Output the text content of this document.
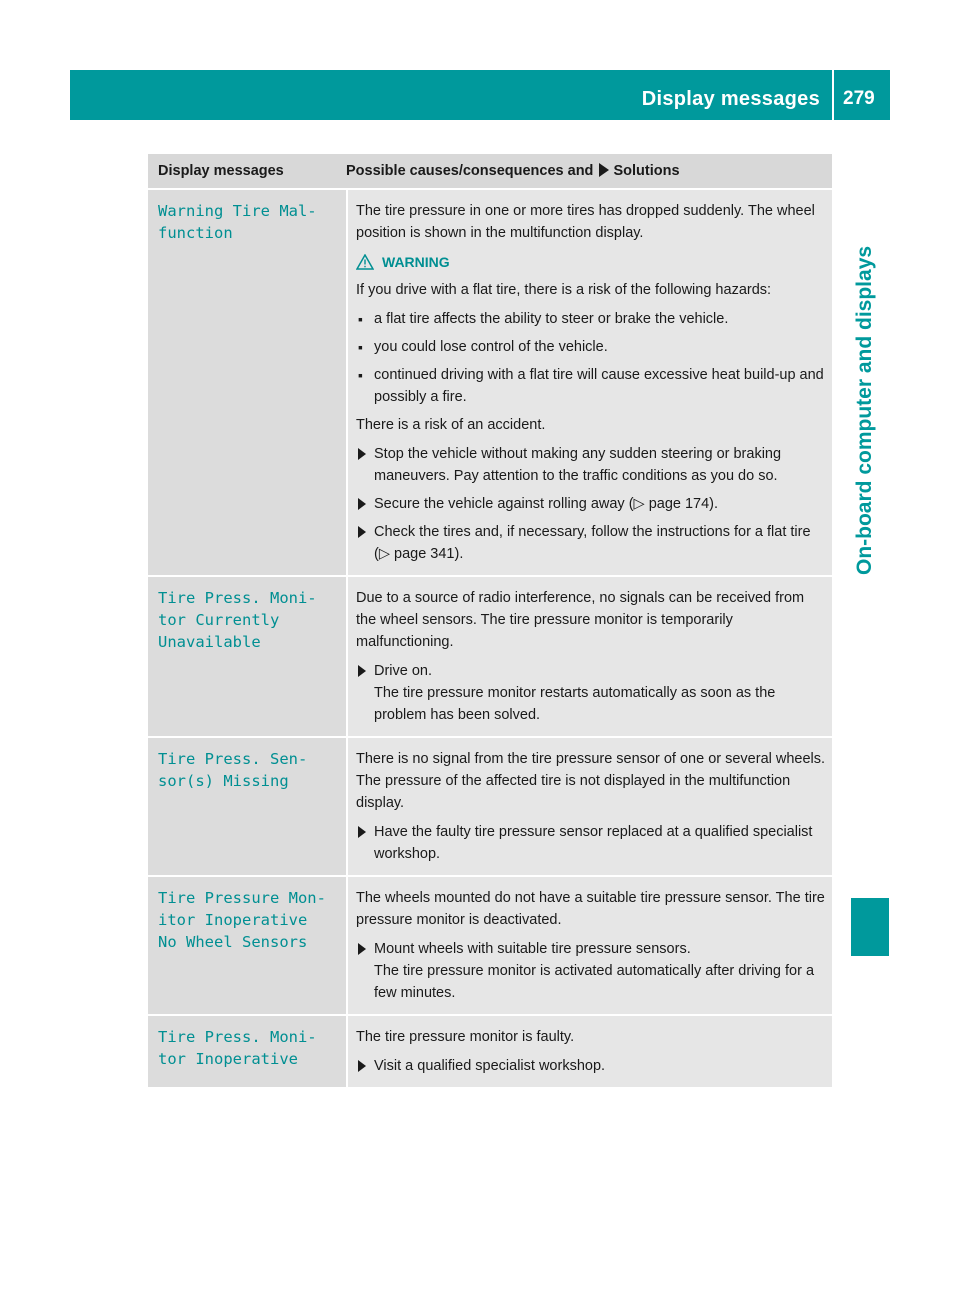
Display messages 279
On-board computer and displays
Display messages	Possible causes/consequences and Solutions
Warning Tire Mal‐
function

The tire pressure in one or more tires has dropped suddenly. The wheel position is shown in the multifunction display.

WARNING

If you drive with a flat tire, there is a risk of the following hazards:

▪ a flat tire affects the ability to steer or brake the vehicle.
▪ you could lose control of the vehicle.
▪ continued driving with a flat tire will cause excessive heat build-up and possibly a fire.

There is a risk of an accident.

Stop the vehicle without making any sudden steering or braking maneuvers. Pay attention to the traffic conditions as you do so.
Secure the vehicle against rolling away (▷ page 174).
Check the tires and, if necessary, follow the instructions for a flat tire (▷ page 341).
Tire Press. Moni‐
tor Currently
Unavailable

Due to a source of radio interference, no signals can be received from the wheel sensors. The tire pressure monitor is temporarily malfunctioning.

Drive on.
The tire pressure monitor restarts automatically as soon as the problem has been solved.
Tire Press. Sen‐
sor(s) Missing

There is no signal from the tire pressure sensor of one or several wheels. The pressure of the affected tire is not displayed in the multifunction display.

Have the faulty tire pressure sensor replaced at a qualified specialist workshop.
Tire Pressure Mon‐
itor Inoperative
No Wheel Sensors

The wheels mounted do not have a suitable tire pressure sensor. The tire pressure monitor is deactivated.

Mount wheels with suitable tire pressure sensors.
The tire pressure monitor is activated automatically after driving for a few minutes.
Tire Press. Moni‐
tor Inoperative

The tire pressure monitor is faulty.

Visit a qualified specialist workshop.
